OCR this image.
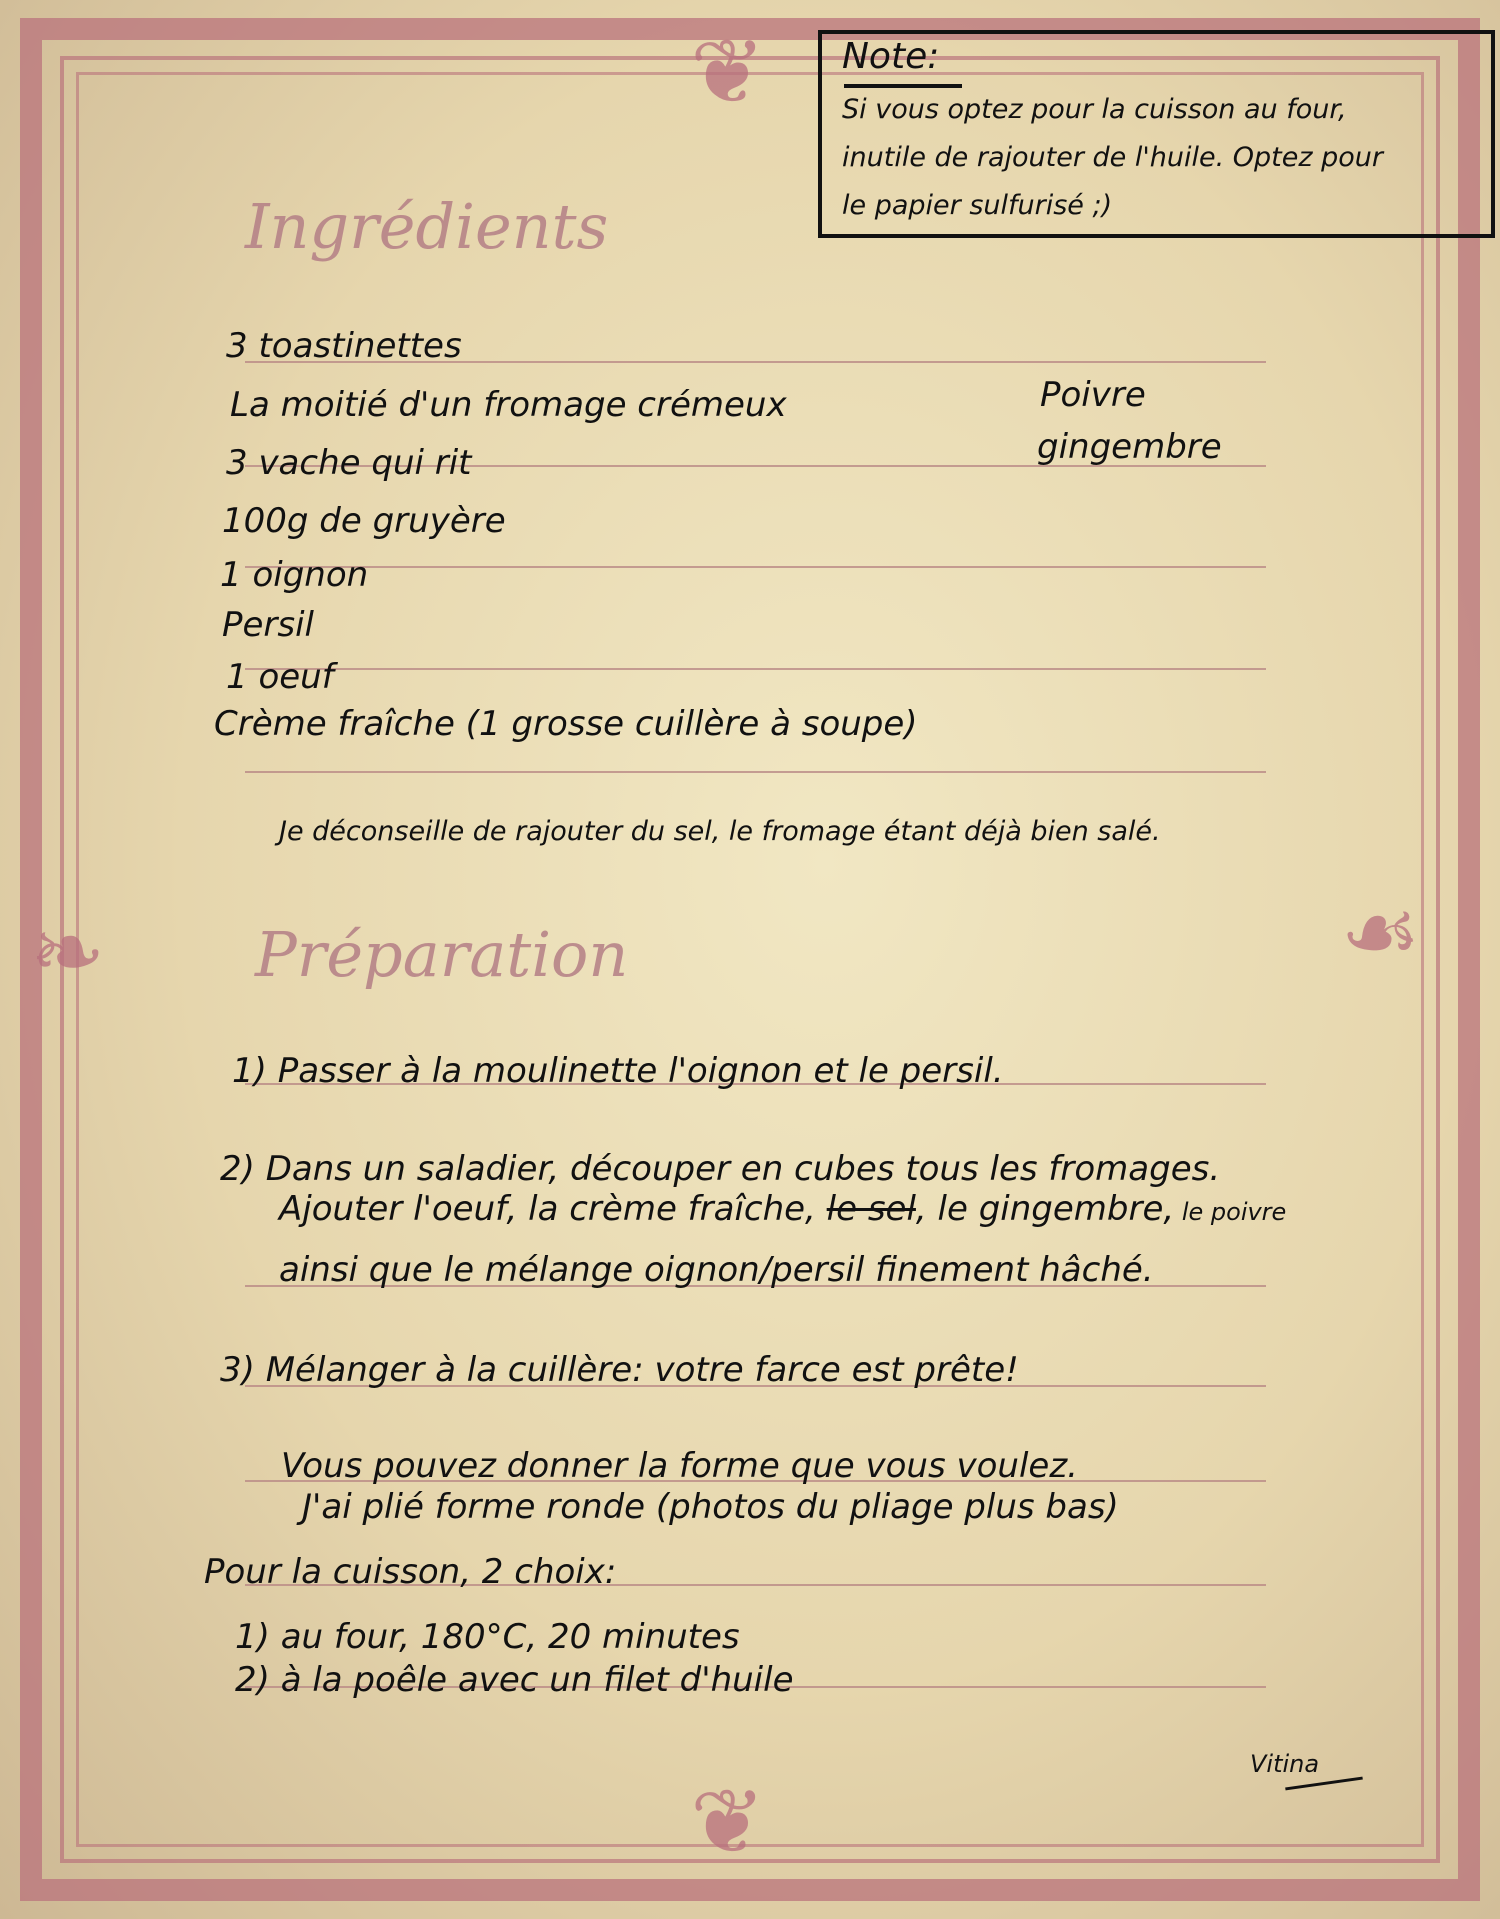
❦
❦
❧	☙
Note:
Si vous optez pour la cuisson au four,
inutile de rajouter de l'huile. Optez pour
le papier sulfurisé ;)
Ingrédients
3 toastinettes
La moitié d'un fromage crémeux
3 vache qui rit
100g de gruyère
1 oignon
Persil
1 oeuf
Crème fraîche (1 grosse cuillère à soupe)
Poivre
gingembre
Je déconseille de rajouter du sel, le fromage étant déjà bien salé.
Préparation
1) Passer à la moulinette l'oignon et le persil.
2) Dans un saladier, découper en cubes tous les fromages.
Ajouter l'oeuf, la crème fraîche, le sel, le gingembre, le poivre
ainsi que le mélange oignon/persil finement hâché.
3) Mélanger à la cuillère: votre farce est prête!
Vous pouvez donner la forme que vous voulez.
J'ai plié forme ronde (photos du pliage plus bas)
Pour la cuisson, 2 choix:
1) au four, 180°C, 20 minutes
2) à la poêle avec un filet d'huile
Vitina
